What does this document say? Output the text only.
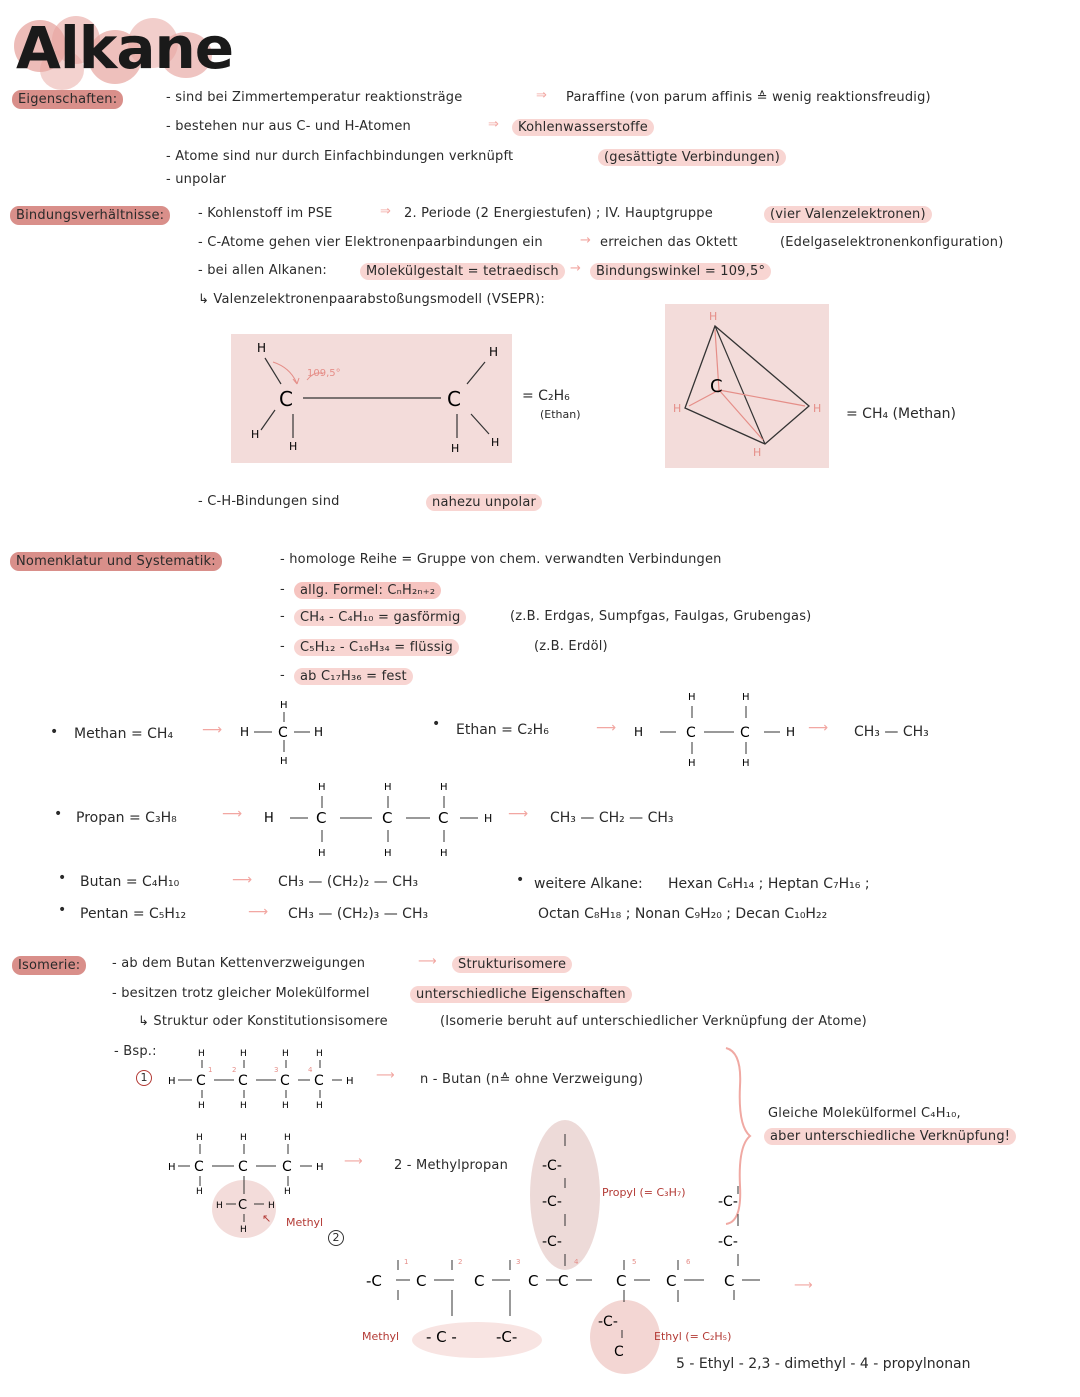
Alkane
Eigenschaften:	- sind bei Zimmertemperatur reaktionsträge	⇒ Paraffine (von parum affinis ≙ wenig reaktionsfreudig)
- bestehen nur aus C- und H-Atomen	⇒	Kohlenwasserstoffe
- Atome sind nur durch Einfachbindungen verknüpft	(gesättigte Verbindungen)
- unpolar
Bindungsverhältnisse:	- Kohlenstoff im PSE	⇒ 2. Periode (2 Energiestufen) ; IV. Hauptgruppe	(vier Valenzelektronen)
- C-Atome gehen vier Elektronenpaarbindungen ein	→ erreichen das Oktett	(Edelgaselektronenkonfiguration)
- bei allen Alkanen:	Molekülgestalt = tetraedisch →	Bindungswinkel = 109,5°
↳ Valenzelektronenpaarabstoßungsmodell (VSEPR):
H	H
C	C
H
H	H	H
109,5°
= C₂H₆
(Ethan)
C
H
H	H
H
= CH₄ (Methan)
- C-H-Bindungen sind	nahezu unpolar
Nomenklatur und Systematik:	- homologe Reihe = Gruppe von chem. verwandten Verbindungen
-	allg. Formel: CₙH₂ₙ₊₂
-	CH₄ - C₄H₁₀ = gasförmig	(z.B. Erdgas, Sumpfgas, Faulgas, Grubengas)
-	C₅H₁₂ - C₁₆H₃₄ = flüssig	(z.B. Erdöl)
-	ab C₁₇H₃₆ = fest
• Methan = CH₄ ⟶
H
H C H
H
• Ethan = C₂H₆	⟶
H	H
H	C	C	H
H	H
⟶ CH₃ — CH₃
• Propan = C₃H₈	⟶
H	H	H
H	C	C	C	H
H	H	H
⟶ CH₃ — CH₂ — CH₃
• Butan = C₄H₁₀	⟶ CH₃ — (CH₂)₂ — CH₃
• Pentan = C₅H₁₂	⟶ CH₃ — (CH₂)₃ — CH₃
• weitere Alkane: Hexan C₆H₁₄ ; Heptan C₇H₁₆ ;
Octan C₈H₁₈ ; Nonan C₉H₂₀ ; Decan C₁₀H₂₂
Isomerie:	- ab dem Butan Kettenverzweigungen	⟶	Strukturisomere
- besitzen trotz gleicher Molekülformel	unterschiedliche Eigenschaften
↳ Struktur oder Konstitutionsisomere	(Isomerie beruht auf unterschiedlicher Verknüpfung der Atome)
- Bsp.:
1
H	H	H	H
H C C C C H
1	2	3	4
H	H	H	H
⟶ n - Butan (n≙ ohne Verzweigung)
Gleiche Molekülformel C₄H₁₀,
aber unterschiedliche Verknüpfung!
H	H	H
H C C C H
H	H
H C H
H
↖ Methyl
2
⟶ 2 - Methylpropan -C-
-C-
-C-
-C-
-C-
-C C	C	C C	C	C	C
1	2	3	4	5	6
- C -	-C-
-C-
C
⟶
Propyl (= C₃H₇)
Ethyl (= C₂H₅)
Methyl
5 - Ethyl - 2,3 - dimethyl - 4 - propylnonan
